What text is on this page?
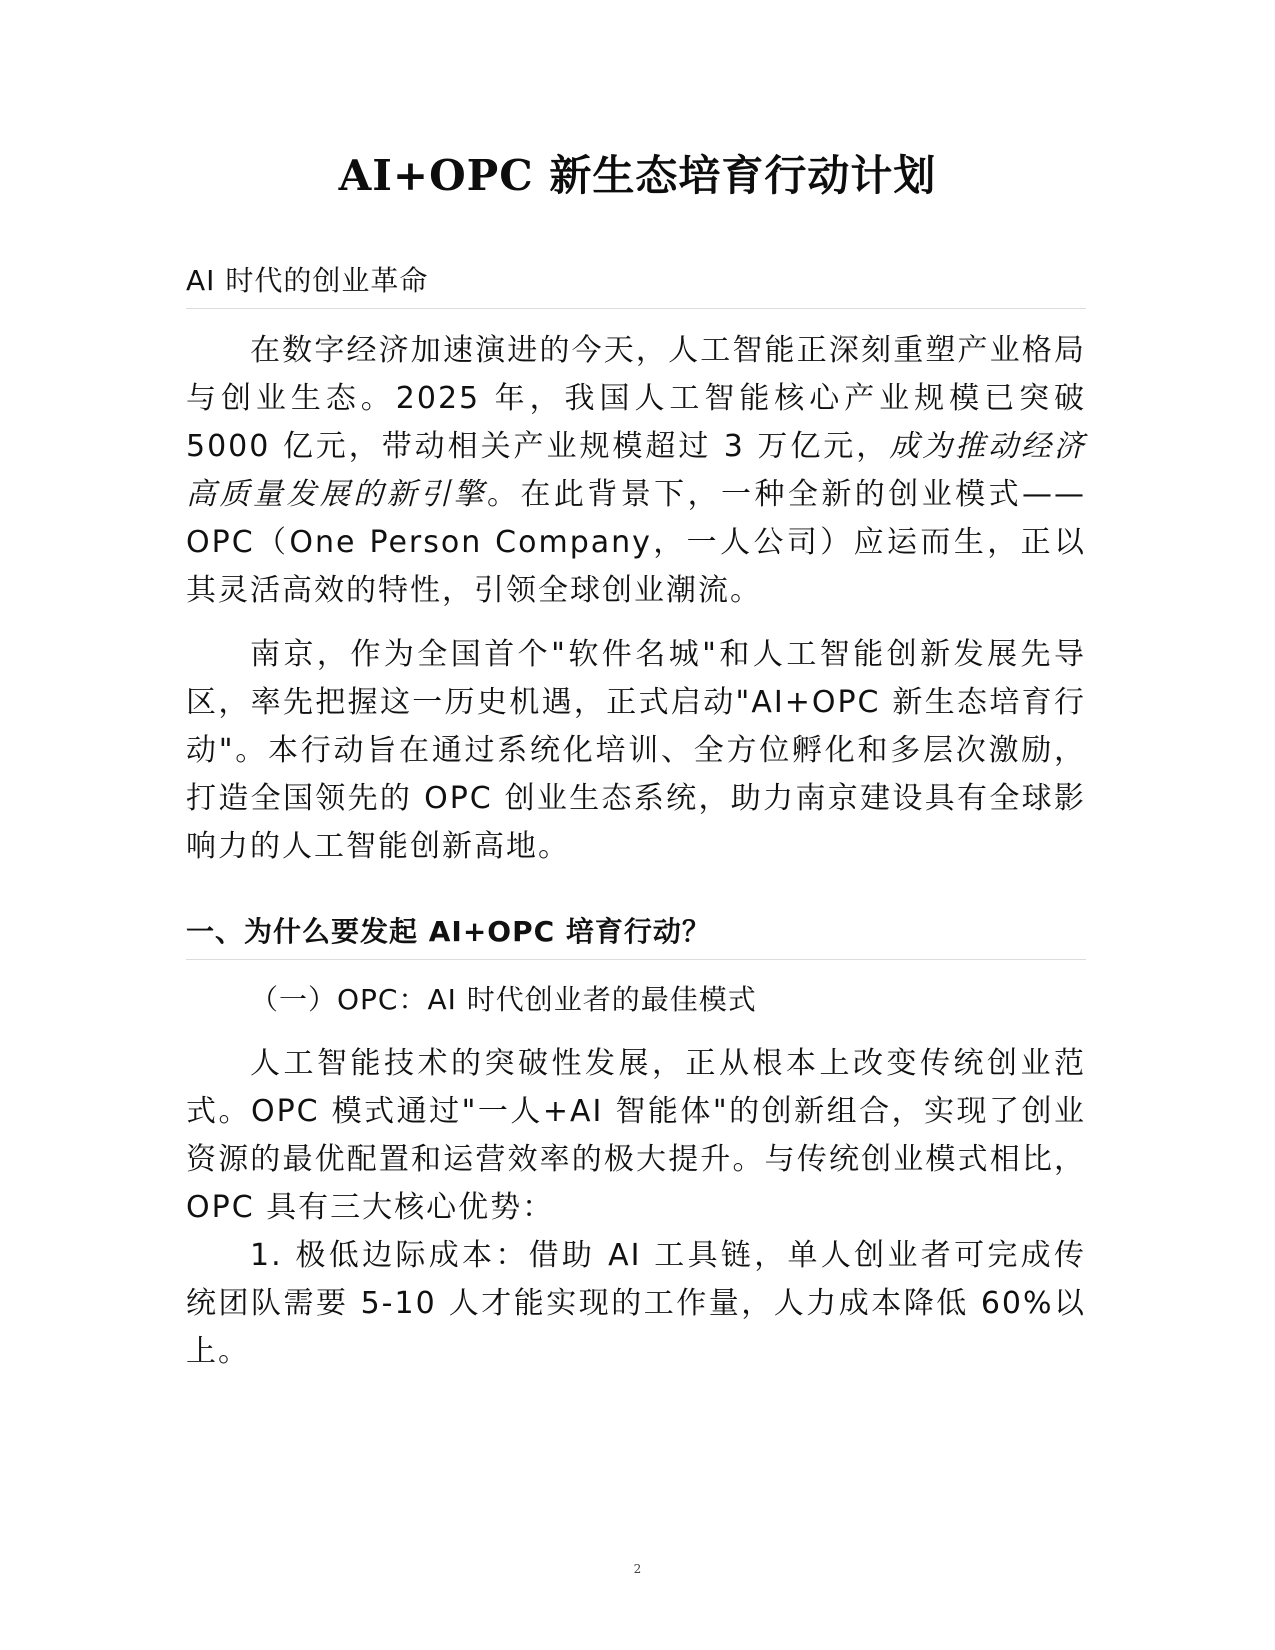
AI+OPC 新生态培育行动计划
AI 时代的创业革命

在数字经济加速演进的今天，人工智能正深刻重塑产业格局与创业生态。2025 年，我国人工智能核心产业规模已突破 5000 亿元，带动相关产业规模超过 3 万亿元，成为推动经济高质量发展的新引擎。在此背景下，一种全新的创业模式——OPC（One Person Company，一人公司）应运而生，正以其灵活高效的特性，引领全球创业潮流。

南京，作为全国首个"软件名城"和人工智能创新发展先导区，率先把握这一历史机遇，正式启动"AI+OPC 新生态培育行动"。本行动旨在通过系统化培训、全方位孵化和多层次激励，打造全国领先的 OPC 创业生态系统，助力南京建设具有全球影响力的人工智能创新高地。

一、为什么要发起 AI+OPC 培育行动？

（一）OPC：AI 时代创业者的最佳模式

人工智能技术的突破性发展，正从根本上改变传统创业范式。OPC 模式通过"一人+AI 智能体"的创新组合，实现了创业资源的最优配置和运营效率的极大提升。与传统创业模式相比，OPC 具有三大核心优势：

1. 极低边际成本：借助 AI 工具链，单人创业者可完成传统团队需要 5-10 人才能实现的工作量，人力成本降低 60%以上。

2
